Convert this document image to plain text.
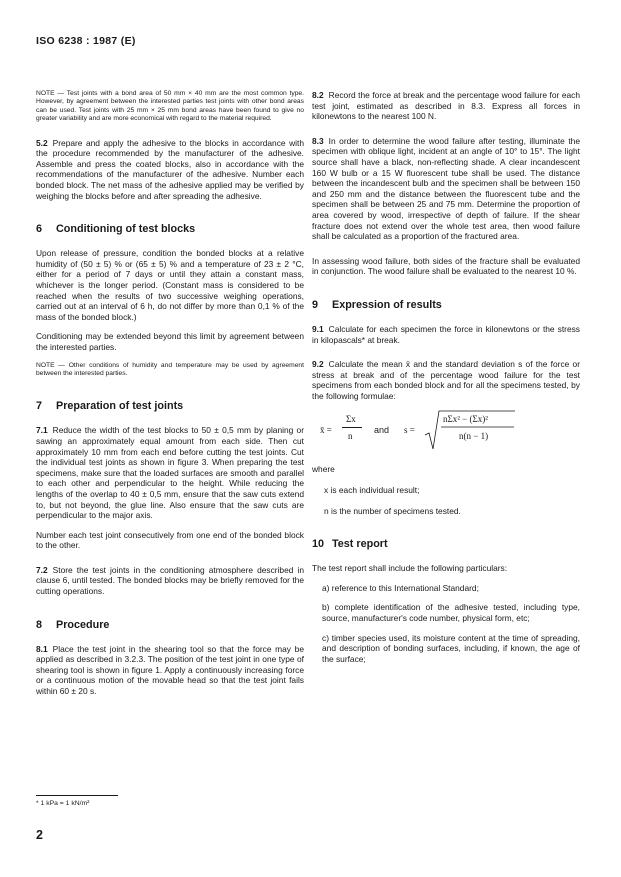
ISO 6238 : 1987 (E)

NOTE — Test joints with a bond area of 50 mm × 40 mm are the most common type. However, by agreement between the interested parties test joints with other bond areas can be used. Test joints with 25 mm × 25 mm bond areas have been found to give no greater variability and are more economical with regard to the material required.

5.2 Prepare and apply the adhesive to the blocks in accordance with the procedure recommended by the manufacturer of the adhesive. Assemble and press the coated blocks, also in accordance with the recommendations of the manufacturer of the adhesive. Number each bonded block. The net mass of the adhesive applied may be verified by weighing the blocks before and after spreading the adhesive.

6 Conditioning of test blocks

Upon release of pressure, condition the bonded blocks at a relative humidity of (50 ± 5) % or (65 ± 5) % and a temperature of 23 ± 2 °C, either for a period of 7 days or until they attain a constant mass, whichever is the longer period. (Constant mass is considered to be reached when the results of two successive weighing operations, carried out at an interval of 6 h, do not differ by more than 0,1 % of the mass of the bonded block.)

Conditioning may be extended beyond this limit by agreement between the interested parties.

NOTE — Other conditions of humidity and temperature may be used by agreement between the interested parties.

7 Preparation of test joints

7.1 Reduce the width of the test blocks to 50 ± 0,5 mm by planing or sawing an approximately equal amount from each side. Then cut approximately 10 mm from each end before cutting the test joints. Cut the individual test joints as shown in figure 3. When preparing the test specimens, make sure that the loaded surfaces are smooth and parallel to each other and perpendicular to the height. While reducing the lengths of the overlap to 40 ± 0,5 mm, ensure that the saw cuts extend to, but not beyond, the glue line. Also ensure that the saw cuts are perpendicular to the major axis.

Number each test joint consecutively from one end of the bonded block to the other.

7.2 Store the test joints in the conditioning atmosphere described in clause 6, until tested. The bonded blocks may be briefly removed for the cutting operations.

8 Procedure

8.1 Place the test joint in the shearing tool so that the force may be applied as described in 3.2.3. The position of the test joint in one type of shearing tool is shown in figure 1. Apply a continuously increasing force or a continuous motion of the movable head so that the test joint fails within 60 ± 20 s.

8.2 Record the force at break and the percentage wood failure for each test joint, estimated as described in 8.3. Express all forces in kilonewtons to the nearest 100 N.

8.3 In order to determine the wood failure after testing, illuminate the specimen with oblique light, incident at an angle of 10° to 15°. The light source shall have a black, non-reflecting shade. A clear incandescent 160 W bulb or a 15 W fluorescent tube shall be used. The distance between the incandescent bulb and the specimen shall be between 150 and 250 mm and the distance between the fluorescent tube and the specimen shall be between 25 and 75 mm. Determine the proportion of area covered by wood, irrespective of depth of failure. If the shear fracture does not extend over the whole test area, then wood failure shall be calculated as a proportion of the fractured area.

In assessing wood failure, both sides of the fracture shall be evaluated in conjunction. The wood failure shall be evaluated to the nearest 10 %.

9 Expression of results

9.1 Calculate for each specimen the force in kilonewtons or the stress in kilopascals* at break.

9.2 Calculate the mean x̄ and the standard deviation s of the force or stress at break and of the percentage wood failure for the test specimens from each bonded block and for all the specimens tested, by the following formulae:

x̄ =
Σx
n
and s =
nΣx² − (Σx)²
n(n − 1)

where

x is each individual result;

n is the number of specimens tested.

10 Test report

The test report shall include the following particulars:

a) reference to this International Standard;

b) complete identification of the adhesive tested, including type, source, manufacturer's code number, physical form, etc;

c) timber species used, its moisture content at the time of spreading, and description of bonding surfaces, including, if known, the age of the surface;

* 1 kPa = 1 kN/m²
2
